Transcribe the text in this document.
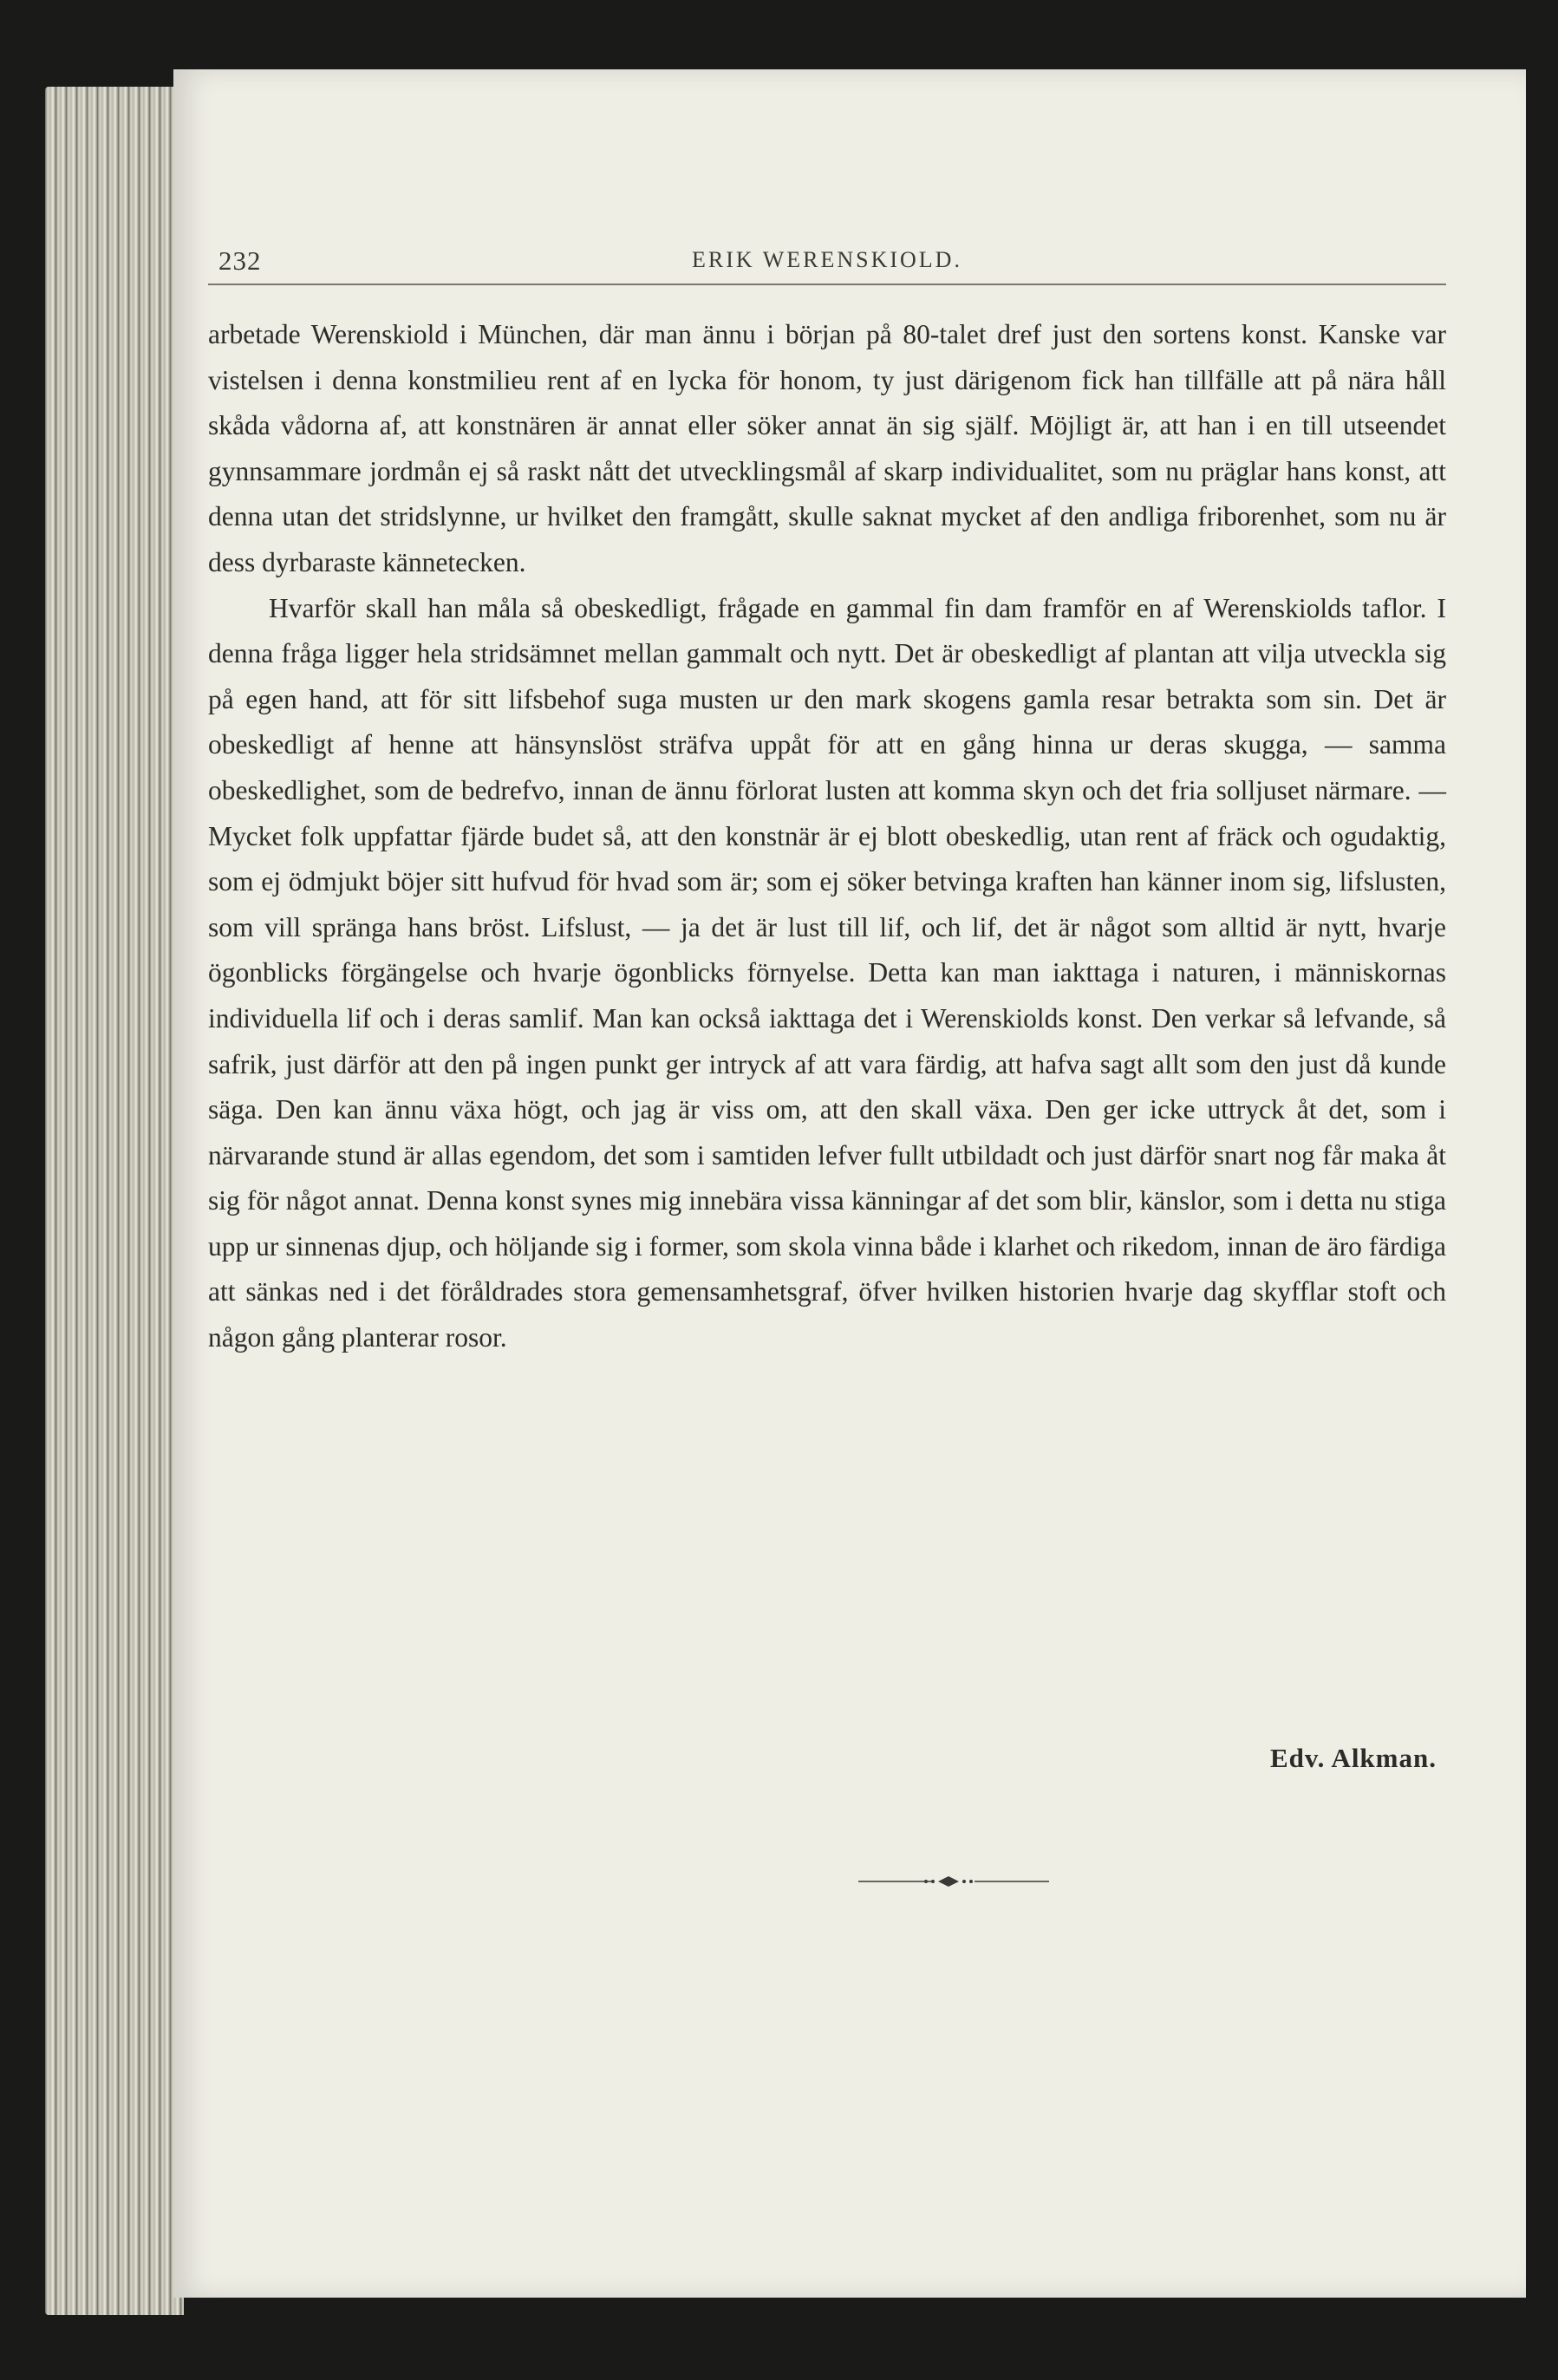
232	ERIK WERENSKIOLD.

arbetade Werenskiold i München, där man ännu i början på 80-talet dref just den sortens konst. Kanske var vistelsen i denna konstmilieu rent af en lycka för honom, ty just därigenom fick han tillfälle att på nära håll skåda vådorna af, att konstnären är annat eller söker annat än sig själf. Möjligt är, att han i en till utseendet gynnsammare jordmån ej så raskt nått det utvecklingsmål af skarp individualitet, som nu präglar hans konst, att denna utan det stridslynne, ur hvilket den framgått, skulle saknat mycket af den andliga friborenhet, som nu är dess dyrbaraste kännetecken.

Hvarför skall han måla så obeskedligt, frågade en gammal fin dam framför en af Werenskiolds taflor. I denna fråga ligger hela stridsämnet mellan gammalt och nytt. Det är obeskedligt af plantan att vilja utveckla sig på egen hand, att för sitt lifsbehof suga musten ur den mark skogens gamla resar betrakta som sin. Det är obeskedligt af henne att hänsynslöst sträfva uppåt för att en gång hinna ur deras skugga, — samma obeskedlighet, som de bedrefvo, innan de ännu förlorat lusten att komma skyn och det fria solljuset närmare. — Mycket folk uppfattar fjärde budet så, att den konstnär är ej blott obeskedlig, utan rent af fräck och ogudaktig, som ej ödmjukt böjer sitt hufvud för hvad som är; som ej söker betvinga kraften han känner inom sig, lifslusten, som vill spränga hans bröst. Lifslust, — ja det är lust till lif, och lif, det är något som alltid är nytt, hvarje ögonblicks förgängelse och hvarje ögonblicks förnyelse. Detta kan man iakttaga i naturen, i människornas individuella lif och i deras samlif. Man kan också iakttaga det i Werenskiolds konst. Den verkar så lefvande, så safrik, just därför att den på ingen punkt ger intryck af att vara färdig, att hafva sagt allt som den just då kunde säga. Den kan ännu växa högt, och jag är viss om, att den skall växa. Den ger icke uttryck åt det, som i närvarande stund är allas egendom, det som i samtiden lefver fullt utbildadt och just därför snart nog får maka åt sig för något annat. Denna konst synes mig innebära vissa känningar af det som blir, känslor, som i detta nu stiga upp ur sinnenas djup, och höljande sig i former, som skola vinna både i klarhet och rikedom, innan de äro färdiga att sänkas ned i det föråldrades stora gemensamhetsgraf, öfver hvilken historien hvarje dag skyfflar stoft och någon gång planterar rosor.

Edv. Alkman.
